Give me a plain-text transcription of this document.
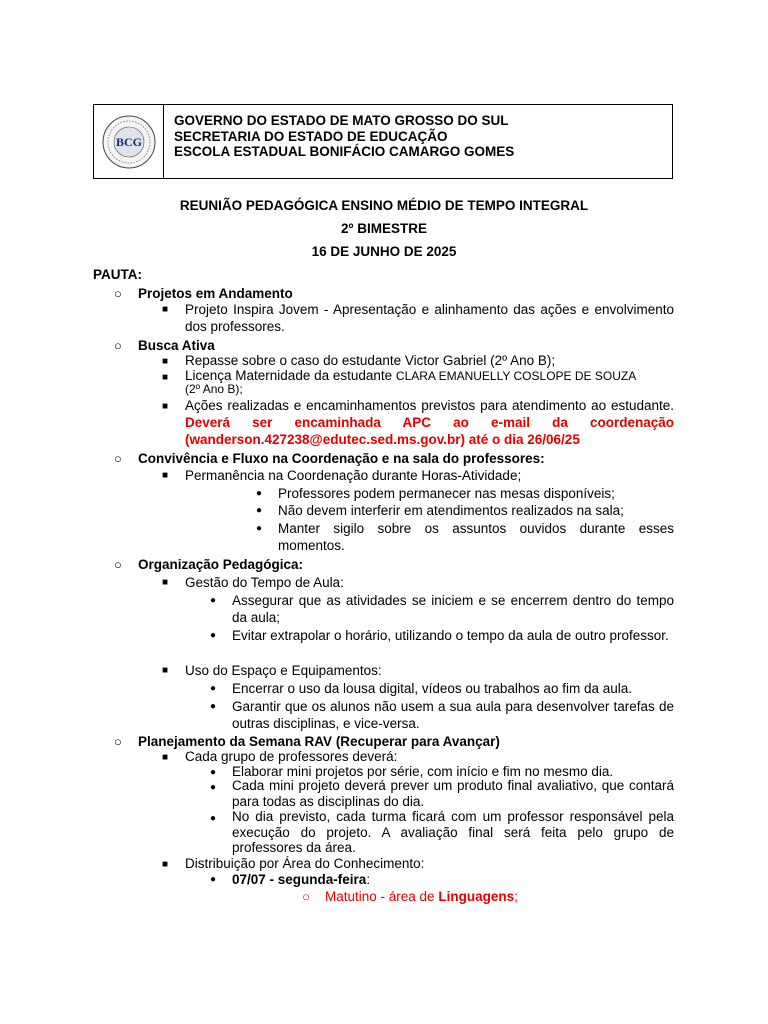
BCG
GOVERNO DO ESTADO DE MATO GROSSO DO SUL
SECRETARIA DO ESTADO DE EDUCAÇÃO
ESCOLA ESTADUAL BONIFÁCIO CAMARGO GOMES
REUNIÃO PEDAGÓGICA ENSINO MÉDIO DE TEMPO INTEGRAL
2º BIMESTRE
16 DE JUNHO DE 2025
PAUTA:
○ Projetos em Andamento
■ Projeto Inspira Jovem - Apresentação e alinhamento das ações e envolvimento dos professores.
○ Busca Ativa
■ Repasse sobre o caso do estudante Victor Gabriel (2º Ano B);
■ Licença Maternidade da estudante CLARA EMANUELLY COSLOPE DE SOUZA
(2º Ano B);
■ Ações realizadas e encaminhamentos previstos para atendimento ao estudante. Deverá ser encaminhada APC ao e-mail da coordenação (wanderson.427238@edutec.sed.ms.gov.br) até o dia 26/06/25
○ Convivência e Fluxo na Coordenação e na sala do professores:
■ Permanência na Coordenação durante Horas-Atividade;
● Professores podem permanecer nas mesas disponíveis;
● Não devem interferir em atendimentos realizados na sala;
● Manter sigilo sobre os assuntos ouvidos durante esses momentos.
○ Organização Pedagógica:
■ Gestão do Tempo de Aula:
● Assegurar que as atividades se iniciem e se encerrem dentro do tempo da aula;
● Evitar extrapolar o horário, utilizando o tempo da aula de outro professor.
■ Uso do Espaço e Equipamentos:
● Encerrar o uso da lousa digital, vídeos ou trabalhos ao fim da aula.
● Garantir que os alunos não usem a sua aula para desenvolver tarefas de outras disciplinas, e vice-versa.
○ Planejamento da Semana RAV (Recuperar para Avançar)
■ Cada grupo de professores deverá:
● Elaborar mini projetos por série, com início e fim no mesmo dia.
● Cada mini projeto deverá prever um produto final avaliativo, que contará para todas as disciplinas do dia.
● No dia previsto, cada turma ficará com um professor responsável pela execução do projeto. A avaliação final será feita pelo grupo de professores da área.
■ Distribuição por Área do Conhecimento:
● 07/07 - segunda-feira:
○ Matutino - área de Linguagens;
